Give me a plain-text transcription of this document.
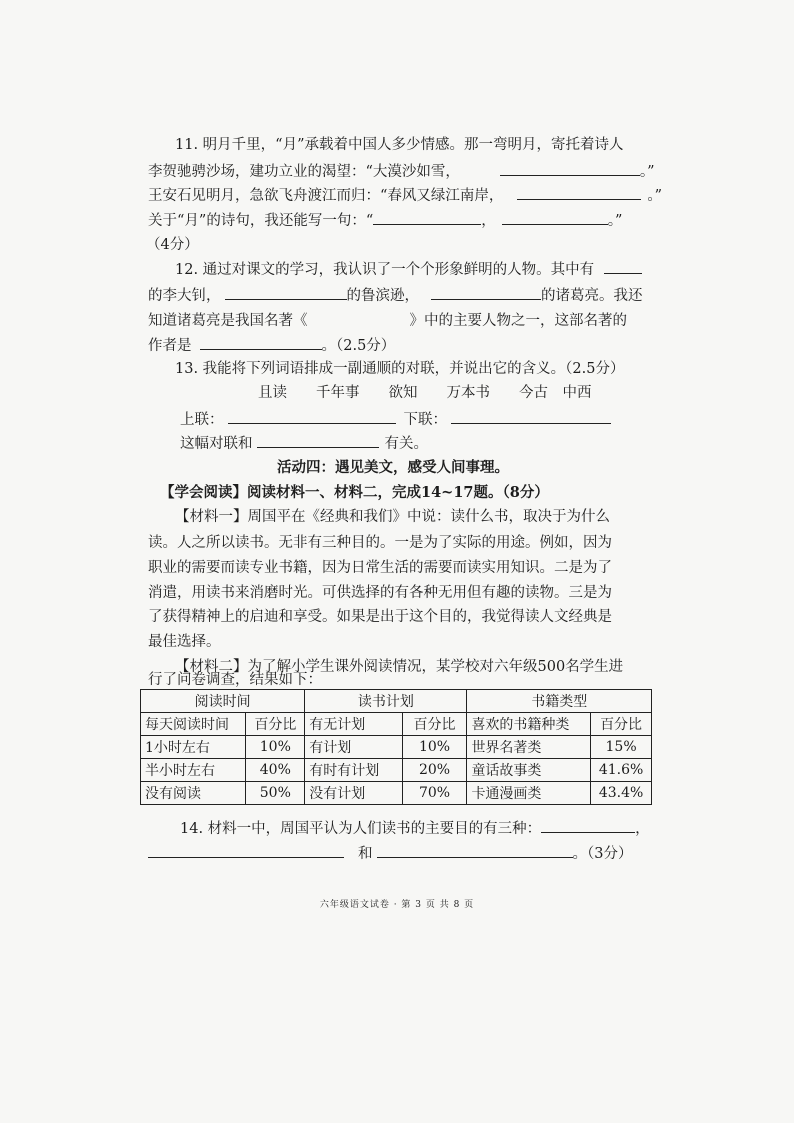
11. 明月千里，“月”承载着中国人多少情感。那一弯明月，寄托着诗人
李贺驰骋沙场，建功立业的渴望：“大漠沙如雪，	。”
王安石见明月，急欲飞舟渡江而归：“春风又绿江南岸，	。”
关于“月”的诗句，我还能写一句：“	，	。”
（4分）
12. 通过对课文的学习，我认识了一个个形象鲜明的人物。其中有
的李大钊，	的鲁滨逊，	的诸葛亮。我还
知道诸葛亮是我国名著《	》中的主要人物之一，这部名著的
作者是	。（2.5分）
13. 我能将下列词语排成一副通顺的对联，并说出它的含义。（2.5分）
且读　　千年事　　欲知　　万本书　　今古　中西
上联：	下联：
这幅对联和	有关。
活动四：遇见美文，感受人间事理。
【学会阅读】阅读材料一、材料二，完成14~17题。（8分）
【材料一】周国平在《经典和我们》中说：读什么书，取决于为什么
读。人之所以读书。无非有三种目的。一是为了实际的用途。例如，因为
职业的需要而读专业书籍，因为日常生活的需要而读实用知识。二是为了
消遣，用读书来消磨时光。可供选择的有各种无用但有趣的读物。三是为
了获得精神上的启迪和享受。如果是出于这个目的，我觉得读人文经典是
最佳选择。
【材料二】为了解小学生课外阅读情况，某学校对六年级500名学生进
行了问卷调查，结果如下：
阅读时间		读书计划		书籍类型	
每天阅读时间	百分比	有无计划	百分比	喜欢的书籍种类	百分比
1小时左右	10%	有计划	10%	世界名著类	15%
半小时左右	40%	有时有计划	20%	童话故事类	41.6%
没有阅读	50%	没有计划	70%	卡通漫画类	43.4%
14. 材料一中，周国平认为人们读书的主要目的有三种：	，
和	。（3分）
六年级语文试卷 · 第 3 页 共 8 页
